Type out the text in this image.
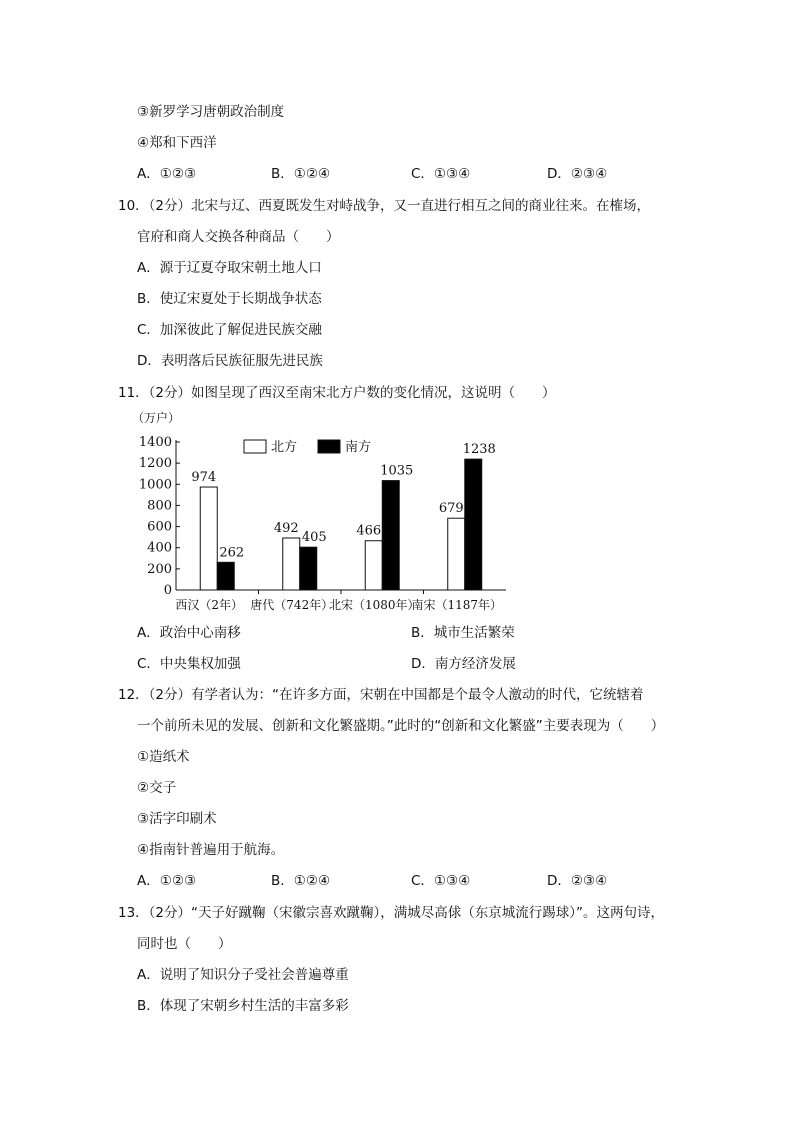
③新罗学习唐朝政治制度
④郑和下西洋
A．①②③	B．①②④	C．①③④	D．②③④
10．（2分）北宋与辽、西夏既发生对峙战争，又一直进行相互之间的商业往来。在榷场，
官府和商人交换各种商品（　　）
A．源于辽夏夺取宋朝土地人口
B．使辽宋夏处于长期战争状态
C．加深彼此了解促进民族交融
D．表明落后民族征服先进民族
11．（2分）如图呈现了西汉至南宋北方户数的变化情况，这说明（　　）
（万户）
0
200
400
600
800
1000
1200
1400
974
262
西汉（2年）
492
405
唐代（742年）
466
1035
北宋（1080年）
679
1238
南宋（1187年）
北方	南方
A．政治中心南移	B．城市生活繁荣
C．中央集权加强	D．南方经济发展
12．（2分）有学者认为：“在许多方面，宋朝在中国都是个最令人激动的时代，它统辖着
一个前所未见的发展、创新和文化繁盛期。”此时的“创新和文化繁盛”主要表现为（　　）
①造纸术
②交子
③活字印刷术
④指南针普遍用于航海。
A．①②③	B．①②④	C．①③④	D．②③④
13．（2分）“天子好蹴鞠（宋徽宗喜欢蹴鞠），满城尽高俅（东京城流行踢球）”。这两句诗，
同时也（　　）
A．说明了知识分子受社会普遍尊重
B．体现了宋朝乡村生活的丰富多彩
